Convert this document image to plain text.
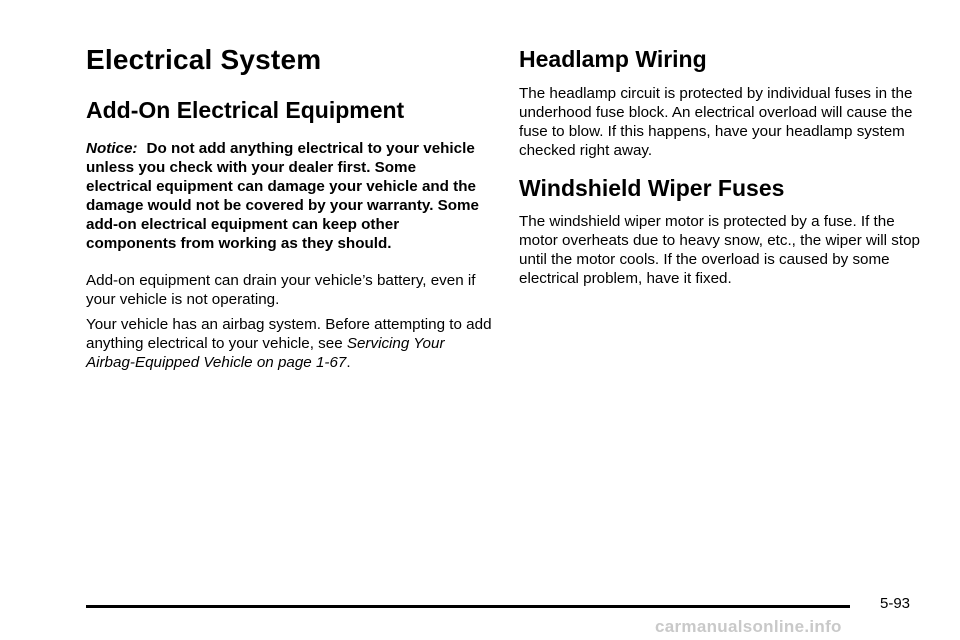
Electrical System
Add-On Electrical Equipment

Notice: Do not add anything electrical to your vehicle unless you check with your dealer first. Some electrical equipment can damage your vehicle and the damage would not be covered by your warranty. Some add-on electrical equipment can keep other components from working as they should.

Add-on equipment can drain your vehicle’s battery, even if your vehicle is not operating.

Your vehicle has an airbag system. Before attempting to add anything electrical to your vehicle, see Servicing Your Airbag-Equipped Vehicle on page 1-67.

Headlamp Wiring

The headlamp circuit is protected by individual fuses in the underhood fuse block. An electrical overload will cause the fuse to blow. If this happens, have your headlamp system checked right away.

Windshield Wiper Fuses

The windshield wiper motor is protected by a fuse. If the motor overheats due to heavy snow, etc., the wiper will stop until the motor cools. If the overload is caused by some electrical problem, have it fixed.

5-93
carmanualsonline.info
